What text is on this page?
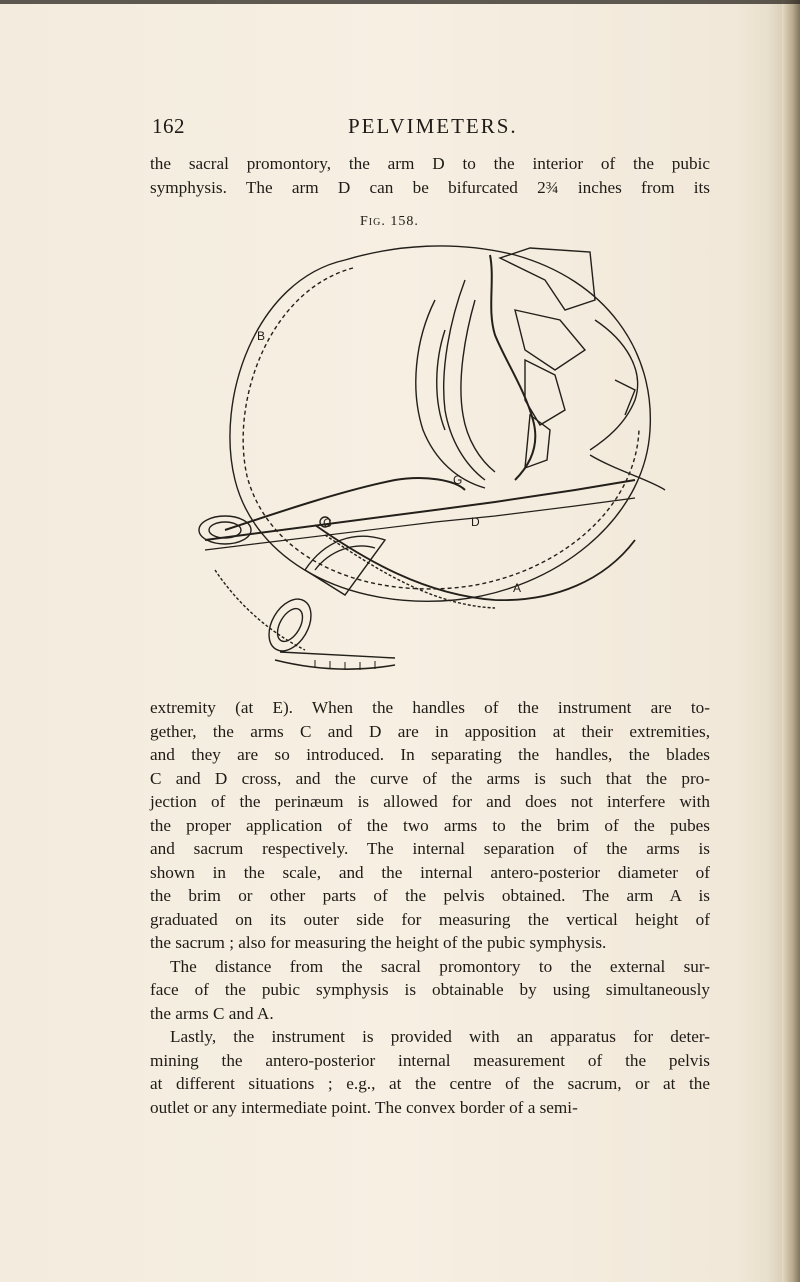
162	PELVIMETERS.
the sacral promontory, the arm D to the interior of the pubic
symphysis. The arm D can be bifurcated 2¾ inches from its
Fig. 158.
B
G
C	D
A
extremity (at E). When the handles of the instrument are to-
gether, the arms C and D are in apposition at their extremities,
and they are so introduced. In separating the handles, the blades
C and D cross, and the curve of the arms is such that the pro-
jection of the perinæum is allowed for and does not interfere with
the proper application of the two arms to the brim of the pubes
and sacrum respectively. The internal separation of the arms is
shown in the scale, and the internal antero-posterior diameter of
the brim or other parts of the pelvis obtained. The arm A is
graduated on its outer side for measuring the vertical height of
the sacrum ; also for measuring the height of the pubic symphysis.
The distance from the sacral promontory to the external sur-
face of the pubic symphysis is obtainable by using simultaneously
the arms C and A.
Lastly, the instrument is provided with an apparatus for deter-
mining the antero-posterior internal measurement of the pelvis
at different situations ; e.g., at the centre of the sacrum, or at the
outlet or any intermediate point. The convex border of a semi-
